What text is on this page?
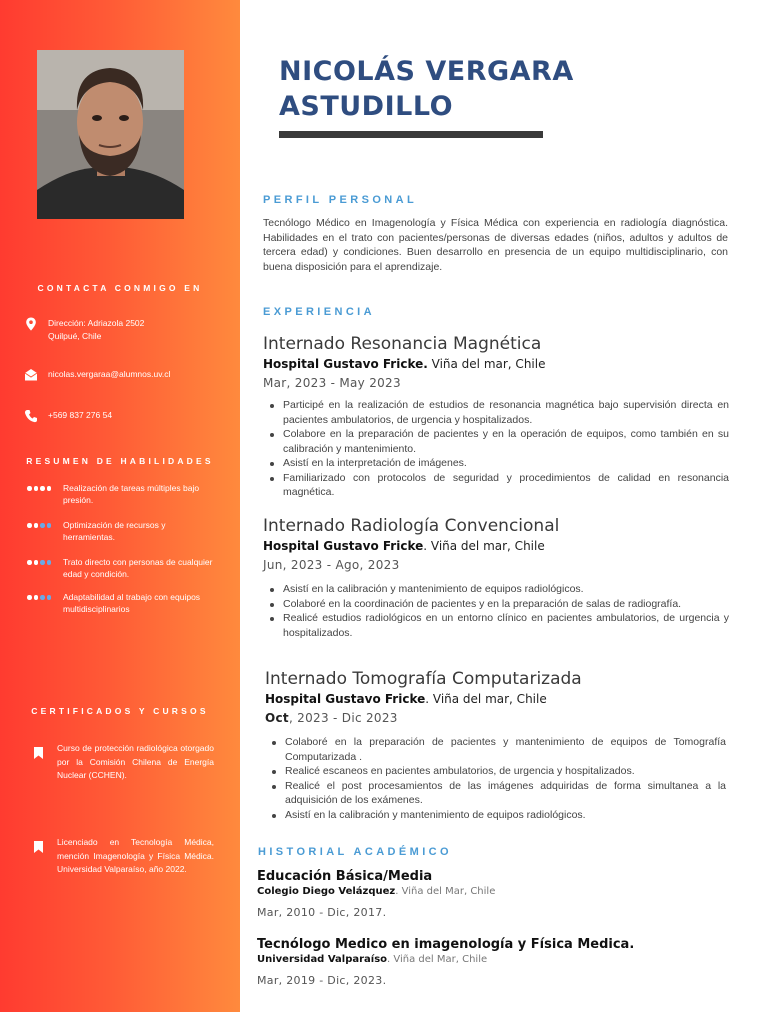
CONTACTA CONMIGO EN
Dirección: Adriazola 2502
Quilpué, Chile
nicolas.vergaraa@alumnos.uv.cl
+569 837 276 54
RESUMEN DE HABILIDADES
Realización de tareas múltiples bajo presión.
Optimización de recursos y herramientas.
Trato directo con personas de cualquier edad y condición.
Adaptabilidad al trabajo con equipos multidisciplinarios
CERTIFICADOS Y CURSOS
Curso de protección radiológica otorgado por la Comisión Chilena de Energía Nuclear (CCHEN).
Licenciado en Tecnología Médica, mención Imagenología y Física Médica. Universidad Valparaíso, año 2022.
NICOLÁS VERGARA
ASTUDILLO
PERFIL PERSONAL
Tecnólogo Médico en Imagenología y Física Médica con experiencia en radiología diagnóstica. Habilidades en el trato con pacientes/personas de diversas edades (niños, adultos y adultos de tercera edad) y condiciones. Buen desarrollo en presencia de un equipo multidisciplinario, con buena disposición para el aprendizaje.
EXPERIENCIA
Internado Resonancia Magnética
Hospital Gustavo Fricke. Viña del mar, Chile
Mar, 2023 - May 2023
Participé en la realización de estudios de resonancia magnética bajo supervisión directa en pacientes ambulatorios, de urgencia y hospitalizados.
Colabore en la preparación de pacientes y en la operación de equipos, como también en su calibración y mantenimiento.
Asistí en la interpretación de imágenes.
Familiarizado con protocolos de seguridad y procedimientos de calidad en resonancia magnética.
Internado Radiología Convencional
Hospital Gustavo Fricke. Viña del mar, Chile
Jun, 2023 - Ago, 2023
Asistí en la calibración y mantenimiento de equipos radiológicos.
Colaboré en la coordinación de pacientes y en la preparación de salas de radiografía.
Realicé estudios radiológicos en un entorno clínico en pacientes ambulatorios, de urgencia y hospitalizados.
Internado Tomografía Computarizada
Hospital Gustavo Fricke. Viña del mar, Chile
Oct, 2023 - Dic 2023
Colaboré en la preparación de pacientes y mantenimiento de equipos de Tomografía Computarizada .
Realicé escaneos en pacientes ambulatorios, de urgencia y hospitalizados.
Realicé el post procesamientos de las imágenes adquiridas de forma simultanea a la adquisición de los exámenes.
Asistí en la calibración y mantenimiento de equipos radiológicos.
HISTORIAL ACADÉMICO
Educación Básica/Media
Colegio Diego Velázquez. Viña del Mar, Chile
Mar, 2010 - Dic, 2017.
Tecnólogo Medico en imagenología y Física Medica.
Universidad Valparaíso. Viña del Mar, Chile
Mar, 2019 - Dic, 2023.
